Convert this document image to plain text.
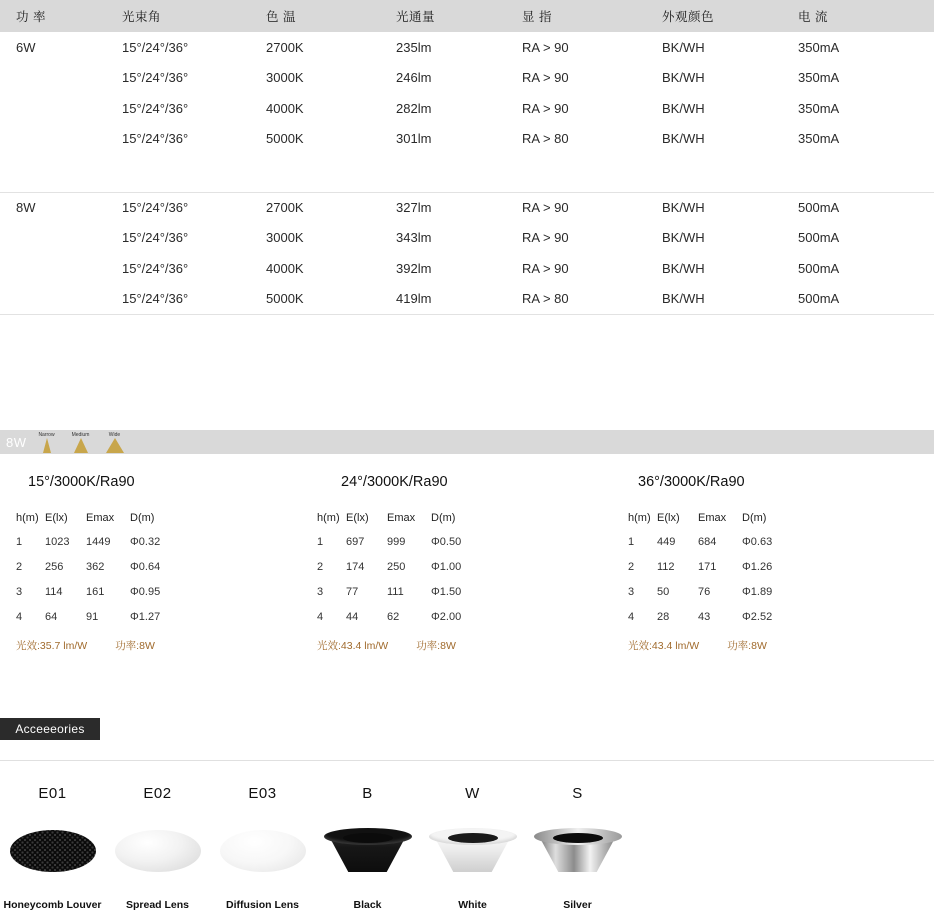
功 率	光束角	色 温	光通量	显 指	外观颜色	电 流
6W	15°/24°/36°	2700K	235lm	RA > 90	BK/WH	350mA
	15°/24°/36°	3000K	246lm	RA > 90	BK/WH	350mA
	15°/24°/36°	4000K	282lm	RA > 90	BK/WH	350mA
	15°/24°/36°	5000K	301lm	RA > 80	BK/WH	350mA

8W	15°/24°/36°	2700K	327lm	RA > 90	BK/WH	500mA
	15°/24°/36°	3000K	343lm	RA > 90	BK/WH	500mA
	15°/24°/36°	4000K	392lm	RA > 90	BK/WH	500mA
	15°/24°/36°	5000K	419lm	RA > 80	BK/WH	500mA
8W	Narrow	Medium	Wide
15°/3000K/Ra90
h(m)	E(lx)	Emax	D(m)
1	1023	1449	Φ0.32
2	256	362	Φ0.64
3	114	161	Φ0.95
4	64	91	Φ1.27
光效:35.7 lm/W	功率:8W
24°/3000K/Ra90
h(m)	E(lx)	Emax	D(m)
1	697	999	Φ0.50
2	174	250	Φ1.00
3	77	111	Φ1.50
4	44	62	Φ2.00
光效:43.4 lm/W	功率:8W
36°/3000K/Ra90
h(m)	E(lx)	Emax	D(m)
1	449	684	Φ0.63
2	112	171	Φ1.26
3	50	76	Φ1.89
4	28	43	Φ2.52
光效:43.4 lm/W	功率:8W
Acceeeories
E01
Honeycomb Louver
E02
Spread Lens
E03
Diffusion Lens
B
Black
W
White
S
Silver
